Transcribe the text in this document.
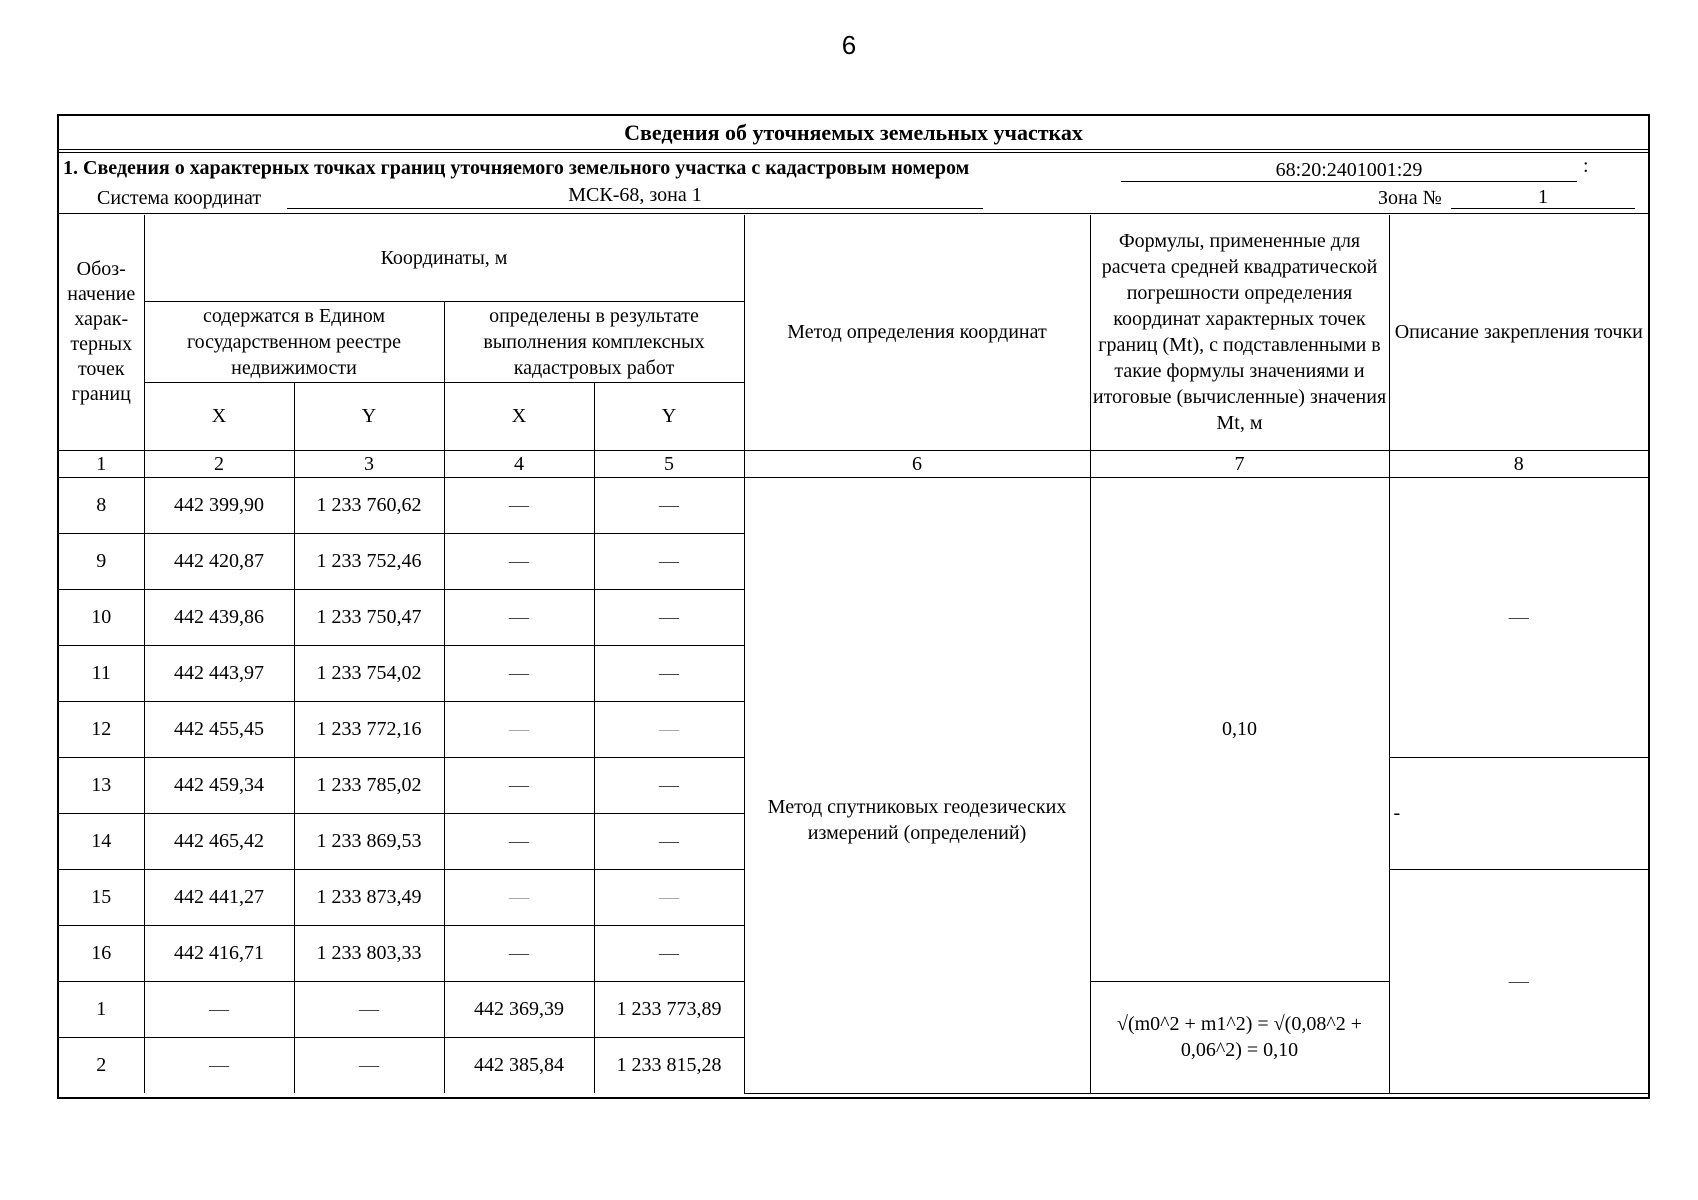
6
Сведения об уточняемых земельных участках
1. Сведения о характерных точках границ уточняемого земельного участка с кадастровым номером	68:20:2401001:29	:
Система координат	МСК-68, зона 1	Зона №	1
Обоз-начение харак-терных точек границ	Координаты, м				Метод определения координат	Формулы, примененные для расчета средней квадратической погрешности определения координат характерных точек границ (Mt), с подставленными в такие формулы значениями и итоговые (вычисленные) значения Mt, м	Описание закрепления точки
	содержатся в Едином государственном реестре недвижимости		определены в результате выполнения комплексных кадастровых работ				
	X	Y	X	Y			
1	2	3	4	5	6	7	8
8	442 399,90	1 233 760,62	—	—	Метод спутниковых геодезических измерений (определений)	0,10	—
9	442 420,87	1 233 752,46	—	—			
10	442 439,86	1 233 750,47	—	—			
11	442 443,97	1 233 754,02	—	—			
12	442 455,45	1 233 772,16	—	—			
13	442 459,34	1 233 785,02	—	—			-
14	442 465,42	1 233 869,53	—	—			
15	442 441,27	1 233 873,49	—	—			—
16	442 416,71	1 233 803,33	—	—			
1	—	—	442 369,39	1 233 773,89		√(m0^2 + m1^2) = √(0,08^2 + 0,06^2) = 0,10	
2	—	—	442 385,84	1 233 815,28			
